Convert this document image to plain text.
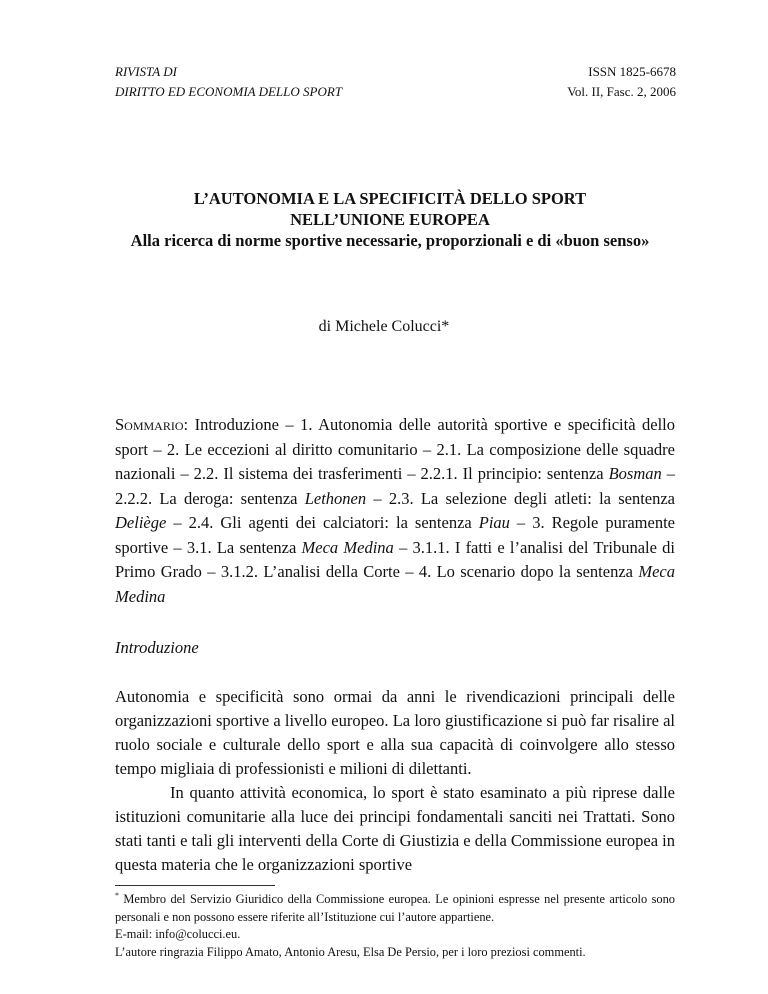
RIVISTA DI
DIRITTO ED ECONOMIA DELLO SPORT
ISSN 1825-6678
Vol. II, Fasc. 2, 2006
L’AUTONOMIA E LA SPECIFICITÀ DELLO SPORT
NELL’UNIONE EUROPEA
Alla ricerca di norme sportive necessarie, proporzionali e di «buon senso»
di Michele Colucci*
Sommario: Introduzione – 1. Autonomia delle autorità sportive e specificità dello sport – 2. Le eccezioni al diritto comunitario – 2.1. La composizione delle squadre nazionali – 2.2. Il sistema dei trasferimenti – 2.2.1. Il principio: sentenza Bosman – 2.2.2. La deroga: sentenza Lethonen – 2.3. La selezione degli atleti: la sentenza Deliège – 2.4. Gli agenti dei calciatori: la sentenza Piau – 3. Regole puramente sportive – 3.1. La sentenza Meca Medina – 3.1.1. I fatti e l’analisi del Tribunale di Primo Grado – 3.1.2. L’analisi della Corte – 4. Lo scenario dopo la sentenza Meca Medina
Introduzione

Autonomia e specificità sono ormai da anni le rivendicazioni principali delle organizzazioni sportive a livello europeo. La loro giustificazione si può far risalire al ruolo sociale e culturale dello sport e alla sua capacità di coinvolgere allo stesso tempo migliaia di professionisti e milioni di dilettanti.

In quanto attività economica, lo sport è stato esaminato a più riprese dalle istituzioni comunitarie alla luce dei principi fondamentali sanciti nei Trattati. Sono stati tanti e tali gli interventi della Corte di Giustizia e della Commissione europea in questa materia che le organizzazioni sportive

* Membro del Servizio Giuridico della Commissione europea. Le opinioni espresse nel presente articolo sono personali e non possono essere riferite all’Istituzione cui l’autore appartiene.

E-mail: info@colucci.eu.

L’autore ringrazia Filippo Amato, Antonio Aresu, Elsa De Persio, per i loro preziosi commenti.
